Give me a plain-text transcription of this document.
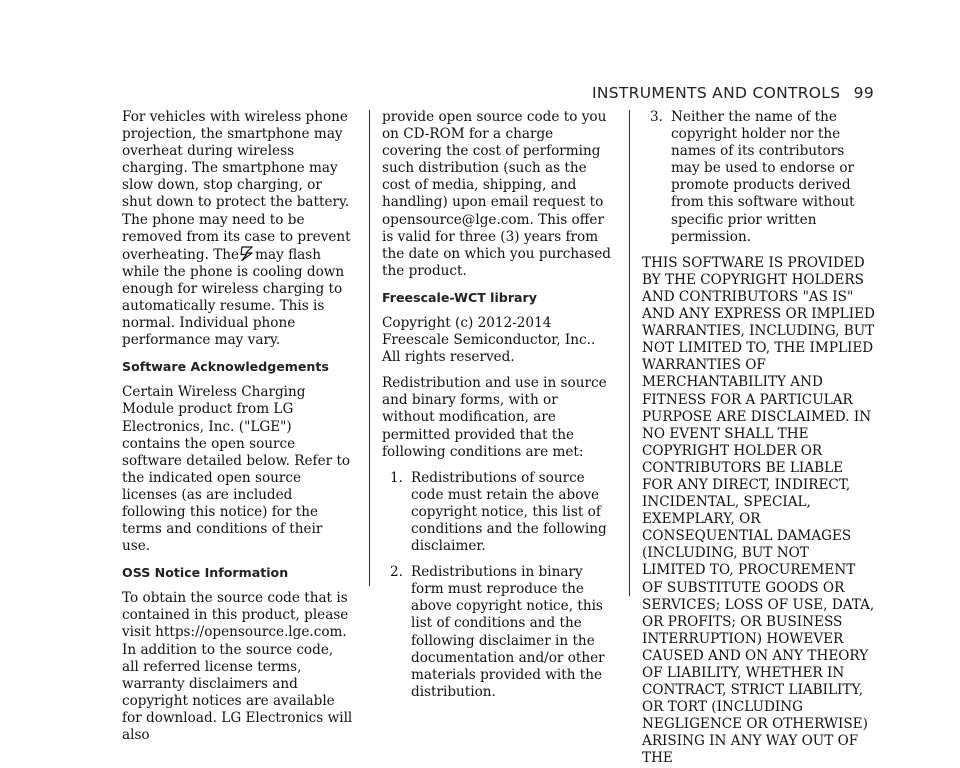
INSTRUMENTS AND CONTROLS 99

For vehicles with wireless phone projection, the smartphone may overheat during wireless charging. The smartphone may slow down, stop charging, or shut down to protect the battery. The phone may need to be removed from its case to prevent overheating. The may flash while the phone is cooling down enough for wireless charging to automatically resume. This is normal. Individual phone performance may vary.

Software Acknowledgements

Certain Wireless Charging Module product from LG Electronics, Inc. ("LGE") contains the open source software detailed below. Refer to the indicated open source licenses (as are included following this notice) for the terms and conditions of their use.

OSS Notice Information

To obtain the source code that is contained in this product, please visit https://opensource.lge.com. In addition to the source code, all referred license terms, warranty disclaimers and copyright notices are available for download. LG Electronics will also

provide open source code to you on CD-ROM for a charge covering the cost of performing such distribution (such as the cost of media, shipping, and handling) upon email request to opensource@lge.com. This offer is valid for three (3) years from the date on which you purchased the product.

Freescale-WCT library

Copyright (c) 2012-2014 Freescale Semiconductor, Inc.. All rights reserved.

Redistribution and use in source and binary forms, with or without modification, are permitted provided that the following conditions are met:

1. Redistributions of source code must retain the above copyright notice, this list of conditions and the following disclaimer.
2. Redistributions in binary form must reproduce the above copyright notice, this list of conditions and the following disclaimer in the documentation and/or other materials provided with the distribution.
3. Neither the name of the copyright holder nor the names of its contributors may be used to endorse or promote products derived from this software without specific prior written permission.

THIS SOFTWARE IS PROVIDED BY THE COPYRIGHT HOLDERS AND CONTRIBUTORS "AS IS" AND ANY EXPRESS OR IMPLIED WARRANTIES, INCLUDING, BUT NOT LIMITED TO, THE IMPLIED WARRANTIES OF MERCHANTABILITY AND FITNESS FOR A PARTICULAR PURPOSE ARE DISCLAIMED. IN NO EVENT SHALL THE COPYRIGHT HOLDER OR CONTRIBUTORS BE LIABLE FOR ANY DIRECT, INDIRECT, INCIDENTAL, SPECIAL, EXEMPLARY, OR CONSEQUENTIAL DAMAGES (INCLUDING, BUT NOT LIMITED TO, PROCUREMENT OF SUBSTITUTE GOODS OR SERVICES; LOSS OF USE, DATA, OR PROFITS; OR BUSINESS INTERRUPTION) HOWEVER CAUSED AND ON ANY THEORY OF LIABILITY, WHETHER IN CONTRACT, STRICT LIABILITY, OR TORT (INCLUDING NEGLIGENCE OR OTHERWISE) ARISING IN ANY WAY OUT OF THE
